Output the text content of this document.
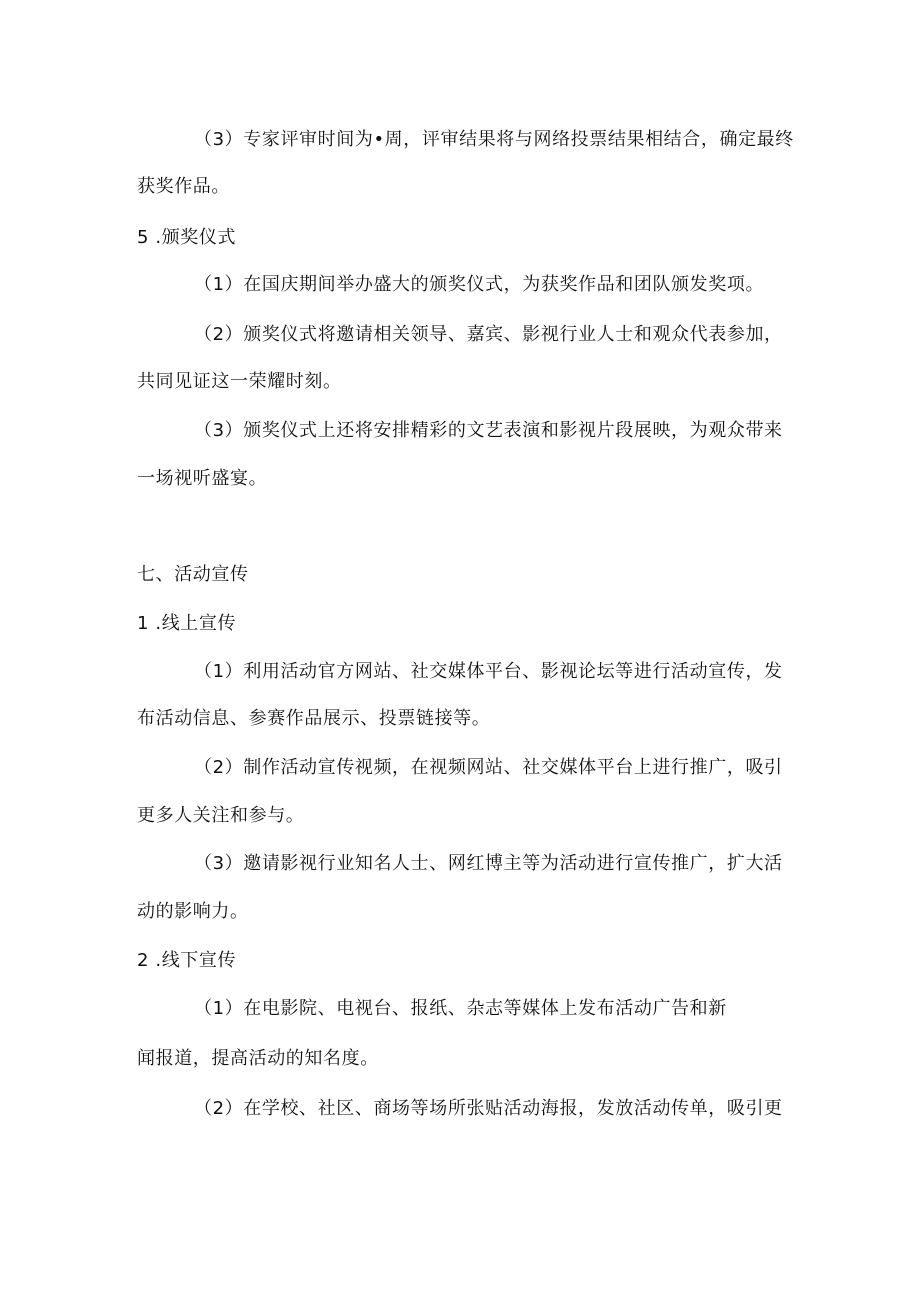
（3）专家评审时间为•周，评审结果将与网络投票结果相结合，确定最终
获奖作品。
5 .颁奖仪式
（1）在国庆期间举办盛大的颁奖仪式，为获奖作品和团队颁发奖项。
（2）颁奖仪式将邀请相关领导、嘉宾、影视行业人士和观众代表参加，
共同见证这一荣耀时刻。
（3）颁奖仪式上还将安排精彩的文艺表演和影视片段展映，为观众带来
一场视听盛宴。
七、活动宣传
1 .线上宣传
（1）利用活动官方网站、社交媒体平台、影视论坛等进行活动宣传，发
布活动信息、参赛作品展示、投票链接等。
（2）制作活动宣传视频，在视频网站、社交媒体平台上进行推广，吸引
更多人关注和参与。
（3）邀请影视行业知名人士、网红博主等为活动进行宣传推广，扩大活
动的影响力。
2 .线下宣传
（1）在电影院、电视台、报纸、杂志等媒体上发布活动广告和新
闻报道，提高活动的知名度。
（2）在学校、社区、商场等场所张贴活动海报，发放活动传单，吸引更
